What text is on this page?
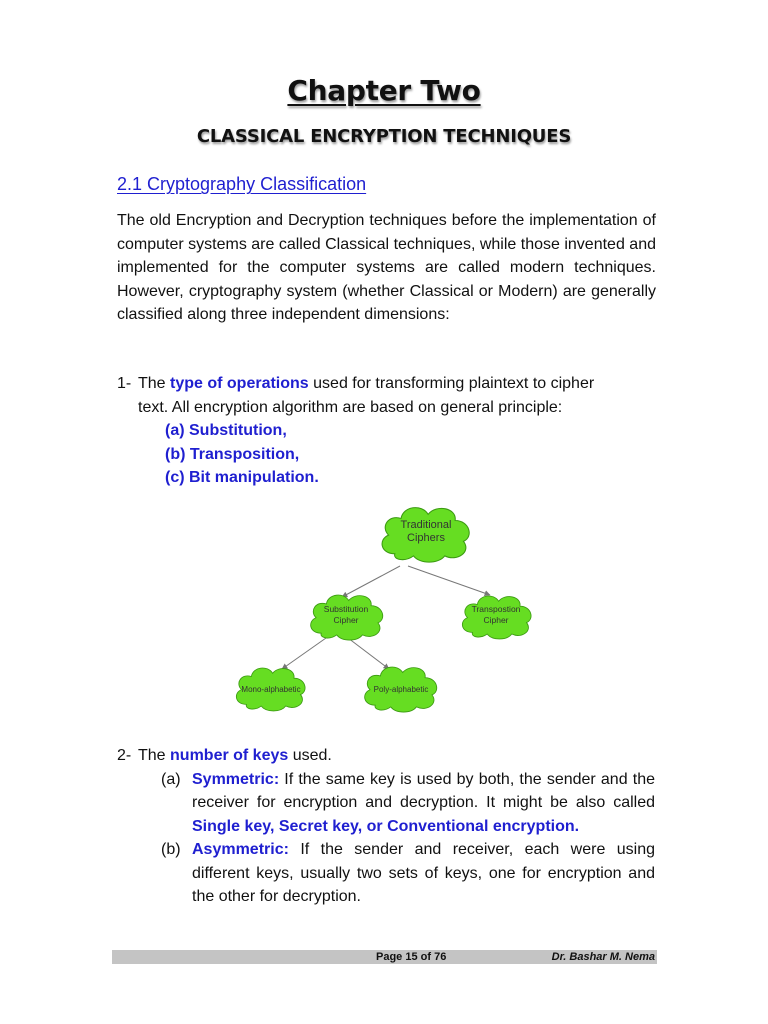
Chapter Two
CLASSICAL ENCRYPTION TECHNIQUES
2.1 Cryptography Classification
The old Encryption and Decryption techniques before the implementation of computer systems are called Classical techniques, while those invented and implemented for the computer systems are called modern techniques. However, cryptography system (whether Classical or Modern) are generally classified along three independent dimensions:
1- The type of operations used for transforming plaintext to cipher
text. All encryption algorithm are based on general principle:
(a) Substitution,
(b) Transposition,
(c) Bit manipulation.
Traditional
Ciphers
Substitution
Cipher
Transpostion
Cipher
Mono-alphabetic	Poly-alphabetic
2- The number of keys used.
(a) Symmetric: If the same key is used by both, the sender and the receiver for encryption and decryption. It might be also called Single key, Secret key, or Conventional encryption.
(b) Asymmetric: If the sender and receiver, each were using different keys, usually two sets of keys, one for encryption and the other for decryption.
Page 15 of 76	Dr. Bashar M. Nema
